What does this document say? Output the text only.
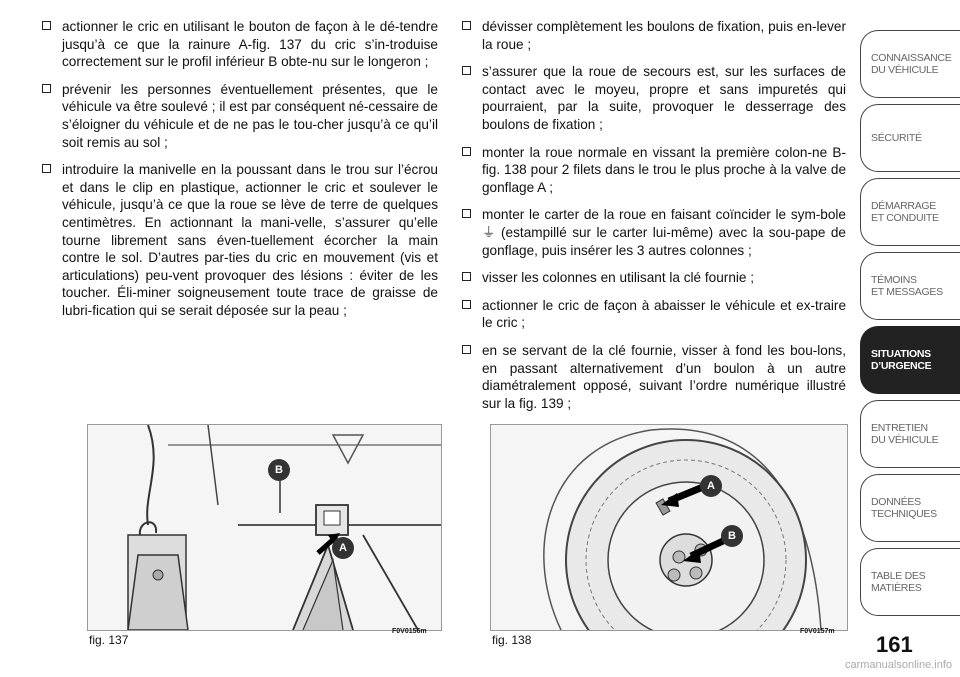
actionner le cric en utilisant le bouton de façon à le dé-tendre jusqu’à ce que la rainure A-fig. 137 du cric s’in-troduise correctement sur le profil inférieur B obte-nu sur le longeron ;
prévenir les personnes éventuellement présentes, que le véhicule va être soulevé ; il est par conséquent né-cessaire de s’éloigner du véhicule et de ne pas le tou-cher jusqu’à ce qu’il soit remis au sol ;
introduire la manivelle en la poussant dans le trou sur l’écrou et dans le clip en plastique, actionner le cric et soulever le véhicule, jusqu’à ce que la roue se lève de terre de quelques centimètres. En actionnant la mani-velle, s’assurer qu’elle tourne librement sans éven-tuellement écorcher la main contre le sol. D’autres par-ties du cric en mouvement (vis et articulations) peu-vent provoquer des lésions : éviter de les toucher. Éli-miner soigneusement toute trace de graisse de lubri-fication qui se serait déposée sur la peau ;
dévisser complètement les boulons de fixation, puis en-lever la roue ;
s’assurer que la roue de secours est, sur les surfaces de contact avec le moyeu, propre et sans impuretés qui pourraient, par la suite, provoquer le desserrage des boulons de fixation ;
monter la roue normale en vissant la première colon-ne B-fig. 138 pour 2 filets dans le trou le plus proche à la valve de gonflage A ;
monter le carter de la roue en faisant coïncider le sym-bole ⏚ (estampillé sur le carter lui-même) avec la sou-pape de gonflage, puis insérer les 3 autres colonnes ;
visser les colonnes en utilisant la clé fournie ;
actionner le cric de façon à abaisser le véhicule et ex-traire le cric ;
en se servant de la clé fournie, visser à fond les bou-lons, en passant alternativement d’un boulon à un autre diamétralement opposé, suivant l’ordre numérique illustré sur la fig. 139 ;
B
A
fig. 137
F0V0156m
A
B
fig. 138
F0V0157m
CONNAISSANCE
DU VÉHICULE
SÉCURITÉ
DÉMARRAGE
ET CONDUITE
TÉMOINS
ET MESSAGES
SITUATIONS
D’URGENCE
ENTRETIEN
DU VÉHICULE
DONNÉES
TECHNIQUES
TABLE DES
MATIÈRES
161
carmanualsonline.info
